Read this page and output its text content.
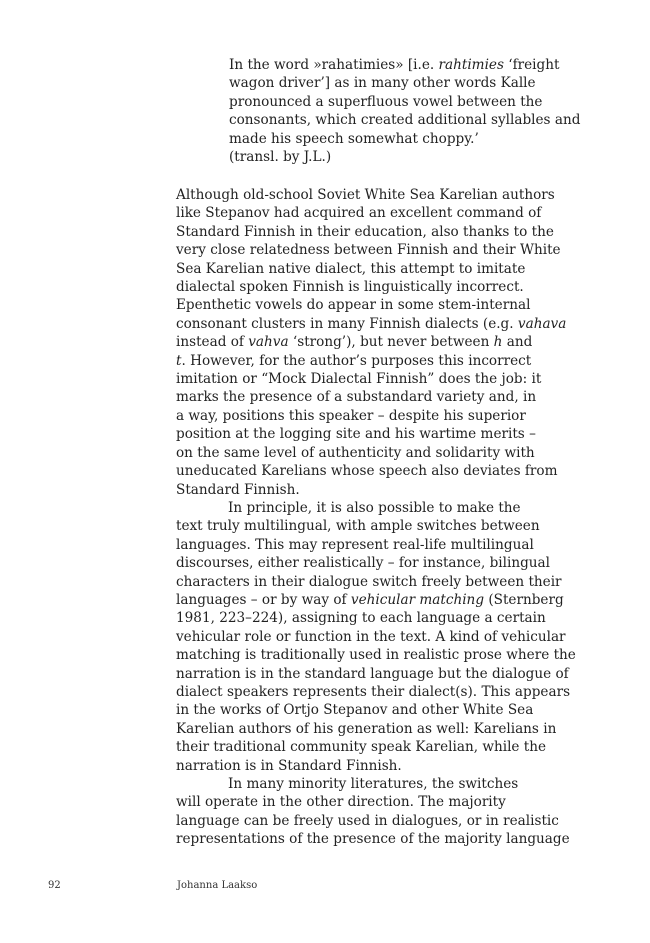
In the word »rahatimies» [i.e. rahtimies ‘freight
wagon driver’] as in many other words Kalle
pronounced a superfluous vowel between the
consonants, which created additional syllables and
made his speech somewhat choppy.’
(transl. by J.L.)
Although old-school Soviet White Sea Karelian authors
like Stepanov had acquired an excellent command of
Standard Finnish in their education, also thanks to the
very close relatedness between Finnish and their White
Sea Karelian native dialect, this attempt to imitate
dialectal spoken Finnish is linguistically incorrect.
Epenthetic vowels do appear in some stem-internal
consonant clusters in many Finnish dialects (e.g. vahava
instead of vahva ‘strong’), but never between h and
t. However, for the author’s purposes this incorrect
imitation or “Mock Dialectal Finnish” does the job: it
marks the presence of a substandard variety and, in
a way, positions this speaker – despite his superior
position at the logging site and his wartime merits –
on the same level of authenticity and solidarity with
uneducated Karelians whose speech also deviates from
Standard Finnish.
In principle, it is also possible to make the
text truly multilingual, with ample switches between
languages. This may represent real-life multilingual
discourses, either realistically – for instance, bilingual
characters in their dialogue switch freely between their
languages – or by way of vehicular matching (Sternberg
1981, 223–224), assigning to each language a certain
vehicular role or function in the text. A kind of vehicular
matching is traditionally used in realistic prose where the
narration is in the standard language but the dialogue of
dialect speakers represents their dialect(s). This appears
in the works of Ortjo Stepanov and other White Sea
Karelian authors of his generation as well: Karelians in
their traditional community speak Karelian, while the
narration is in Standard Finnish.
In many minority literatures, the switches
will operate in the other direction. The majority
language can be freely used in dialogues, or in realistic
representations of the presence of the majority language
92	Johanna Laakso
